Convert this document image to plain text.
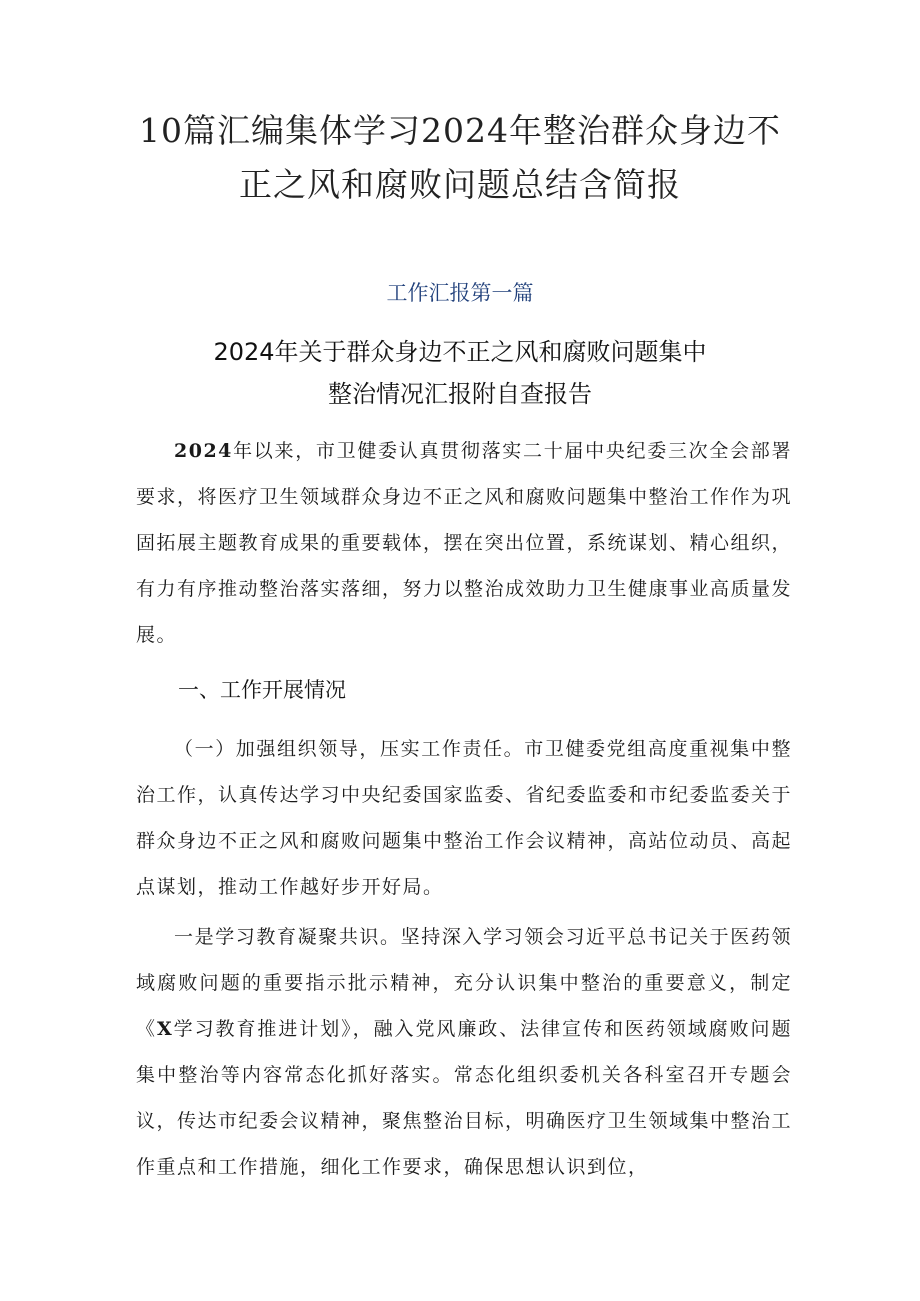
10篇汇编集体学习2024年整治群众身边不
正之风和腐败问题总结含简报

工作汇报第一篇

2024年关于群众身边不正之风和腐败问题集中
整治情况汇报附自查报告

2024年以来，市卫健委认真贯彻落实二十届中央纪委三次全会部署要求，将医疗卫生领域群众身边不正之风和腐败问题集中整治工作作为巩固拓展主题教育成果的重要载体，摆在突出位置，系统谋划、精心组织，有力有序推动整治落实落细，努力以整治成效助力卫生健康事业高质量发展。

一、工作开展情况

（一）加强组织领导，压实工作责任。市卫健委党组高度重视集中整治工作，认真传达学习中央纪委国家监委、省纪委监委和市纪委监委关于群众身边不正之风和腐败问题集中整治工作会议精神，高站位动员、高起点谋划，推动工作越好步开好局。

一是学习教育凝聚共识。坚持深入学习领会习近平总书记关于医药领域腐败问题的重要指示批示精神，充分认识集中整治的重要意义，制定《X学习教育推进计划》，融入党风廉政、法律宣传和医药领域腐败问题集中整治等内容常态化抓好落实。常态化组织委机关各科室召开专题会议，传达市纪委会议精神，聚焦整治目标，明确医疗卫生领域集中整治工作重点和工作措施，细化工作要求，确保思想认识到位，
